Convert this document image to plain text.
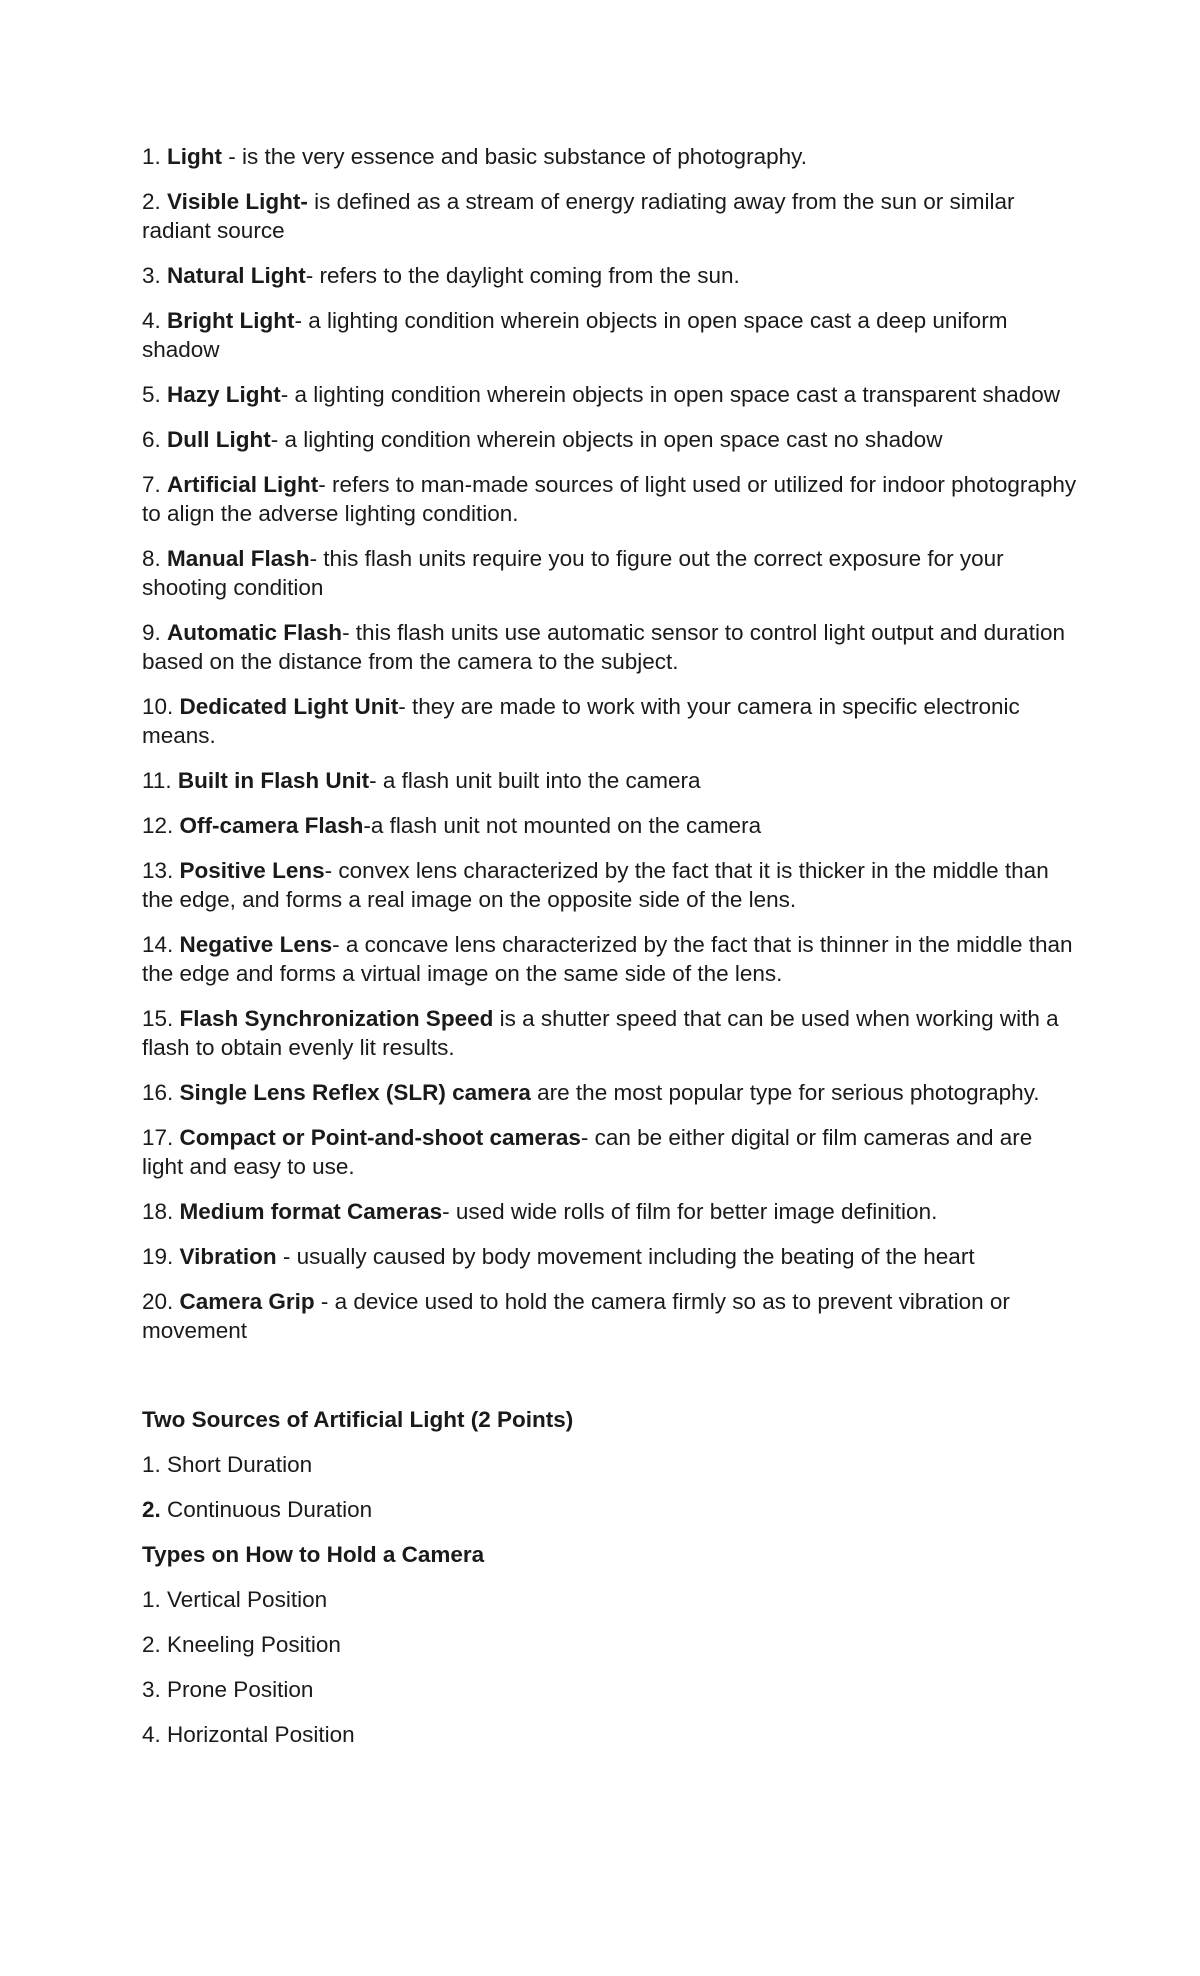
1. Light - is the very essence and basic substance of photography.

2. Visible Light- is defined as a stream of energy radiating away from the sun or similar radiant source

3. Natural Light- refers to the daylight coming from the sun.

4. Bright Light- a lighting condition wherein objects in open space cast a deep uniform shadow

5. Hazy Light- a lighting condition wherein objects in open space cast a transparent shadow

6. Dull Light- a lighting condition wherein objects in open space cast no shadow

7. Artificial Light- refers to man-made sources of light used or utilized for indoor photography to align the adverse lighting condition.

8. Manual Flash- this flash units require you to figure out the correct exposure for your shooting condition

9. Automatic Flash- this flash units use automatic sensor to control light output and duration based on the distance from the camera to the subject.

10. Dedicated Light Unit- they are made to work with your camera in specific electronic means.

11. Built in Flash Unit- a flash unit built into the camera

12. Off-camera Flash-a flash unit not mounted on the camera

13. Positive Lens- convex lens characterized by the fact that it is thicker in the middle than the edge, and forms a real image on the opposite side of the lens.

14. Negative Lens- a concave lens characterized by the fact that is thinner in the middle than the edge and forms a virtual image on the same side of the lens.

15. Flash Synchronization Speed is a shutter speed that can be used when working with a flash to obtain evenly lit results.

16. Single Lens Reflex (SLR) camera are the most popular type for serious photography.

17. Compact or Point-and-shoot cameras- can be either digital or film cameras and are light and easy to use.

18. Medium format Cameras- used wide rolls of film for better image definition.

19. Vibration - usually caused by body movement including the beating of the heart

20. Camera Grip - a device used to hold the camera firmly so as to prevent vibration or movement

Two Sources of Artificial Light (2 Points)

1. Short Duration

2. Continuous Duration

Types on How to Hold a Camera

1. Vertical Position

2. Kneeling Position

3. Prone Position

4. Horizontal Position
